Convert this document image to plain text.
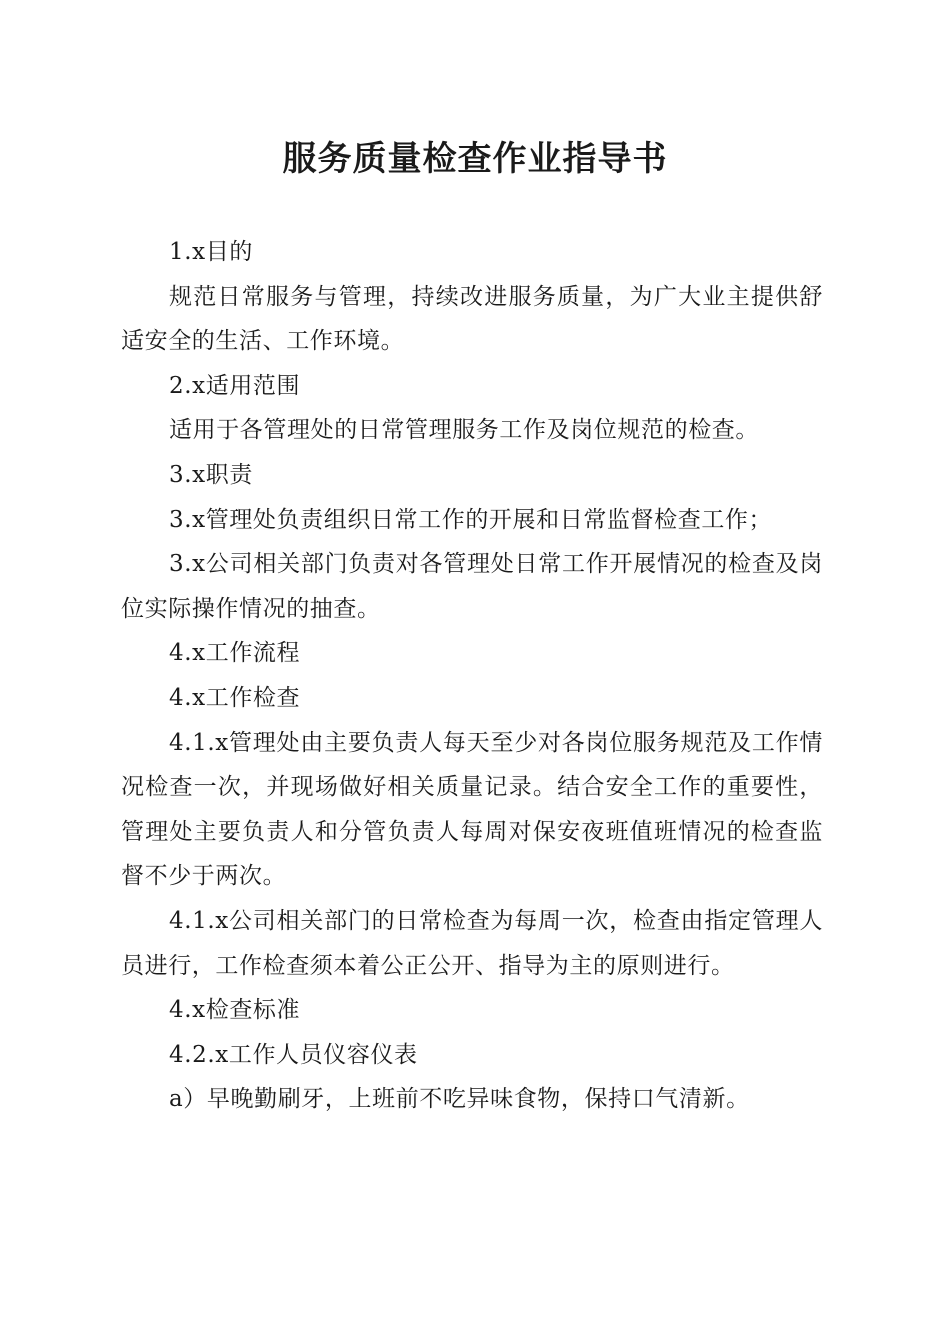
服务质量检查作业指导书

1.x目的

规范日常服务与管理，持续改进服务质量，为广大业主提供舒适安全的生活、工作环境。

2.x适用范围

适用于各管理处的日常管理服务工作及岗位规范的检查。

3.x职责

3.x管理处负责组织日常工作的开展和日常监督检查工作；

3.x公司相关部门负责对各管理处日常工作开展情况的检查及岗位实际操作情况的抽查。

4.x工作流程

4.x工作检查

4.1.x管理处由主要负责人每天至少对各岗位服务规范及工作情况检查一次，并现场做好相关质量记录。结合安全工作的重要性，管理处主要负责人和分管负责人每周对保安夜班值班情况的检查监督不少于两次。

4.1.x公司相关部门的日常检查为每周一次，检查由指定管理人员进行，工作检查须本着公正公开、指导为主的原则进行。

4.x检查标准

4.2.x工作人员仪容仪表

a）早晚勤刷牙，上班前不吃异味食物，保持口气清新。
